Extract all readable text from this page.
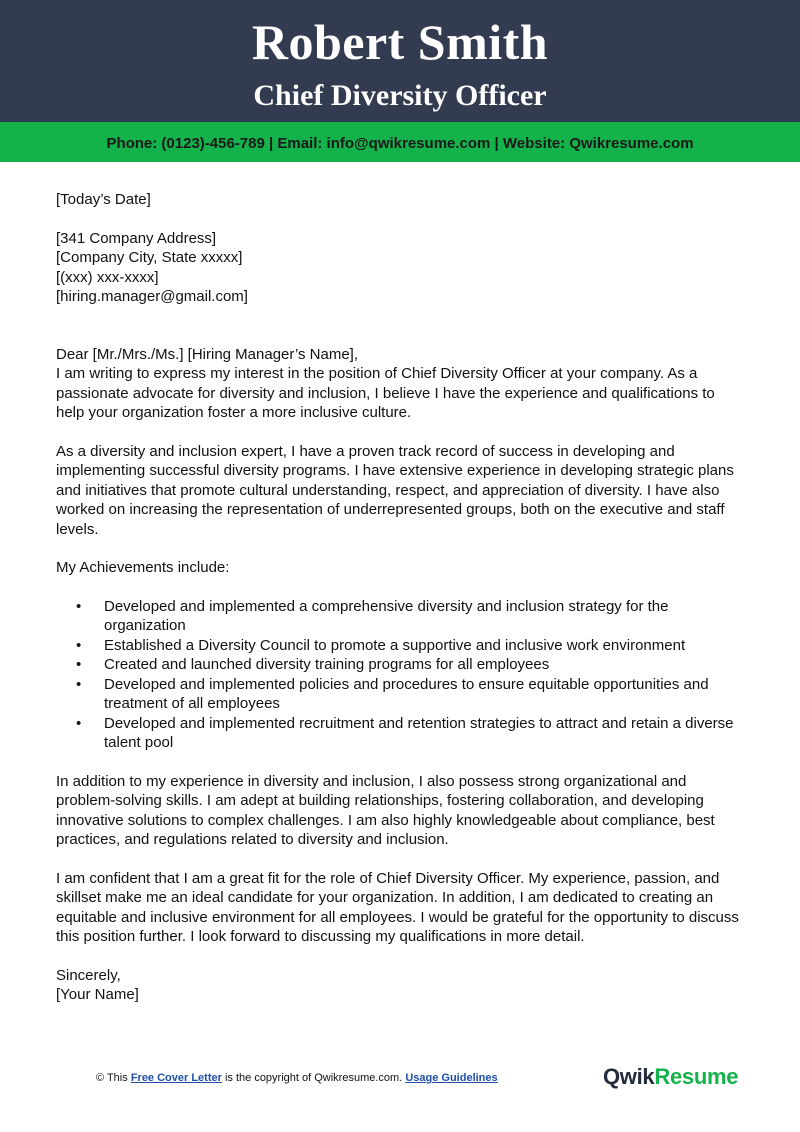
Robert Smith
Chief Diversity Officer
Phone: (0123)-456-789 | Email: info@qwikresume.com | Website: Qwikresume.com

[Today’s Date]

[341 Company Address]

[Company City, State xxxxx]

[(xxx) xxx-xxxx]

[hiring.manager@gmail.com]

Dear [Mr./Mrs./Ms.] [Hiring Manager’s Name],

I am writing to express my interest in the position of Chief Diversity Officer at your company. As a passionate advocate for diversity and inclusion, I believe I have the experience and qualifications to help your organization foster a more inclusive culture.

As a diversity and inclusion expert, I have a proven track record of success in developing and implementing successful diversity programs. I have extensive experience in developing strategic plans and initiatives that promote cultural understanding, respect, and appreciation of diversity. I have also worked on increasing the representation of underrepresented groups, both on the executive and staff levels.

My Achievements include:

• Developed and implemented a comprehensive diversity and inclusion strategy for the organization
• Established a Diversity Council to promote a supportive and inclusive work environment
• Created and launched diversity training programs for all employees
• Developed and implemented policies and procedures to ensure equitable opportunities and treatment of all employees
• Developed and implemented recruitment and retention strategies to attract and retain a diverse talent pool

In addition to my experience in diversity and inclusion, I also possess strong organizational and problem-solving skills. I am adept at building relationships, fostering collaboration, and developing innovative solutions to complex challenges. I am also highly knowledgeable about compliance, best practices, and regulations related to diversity and inclusion.

I am confident that I am a great fit for the role of Chief Diversity Officer. My experience, passion, and skillset make me an ideal candidate for your organization. In addition, I am dedicated to creating an equitable and inclusive environment for all employees. I would be grateful for the opportunity to discuss this position further. I look forward to discussing my qualifications in more detail.

Sincerely,

[Your Name]

© This Free Cover Letter is the copyright of Qwikresume.com. Usage Guidelines	QwikResume
